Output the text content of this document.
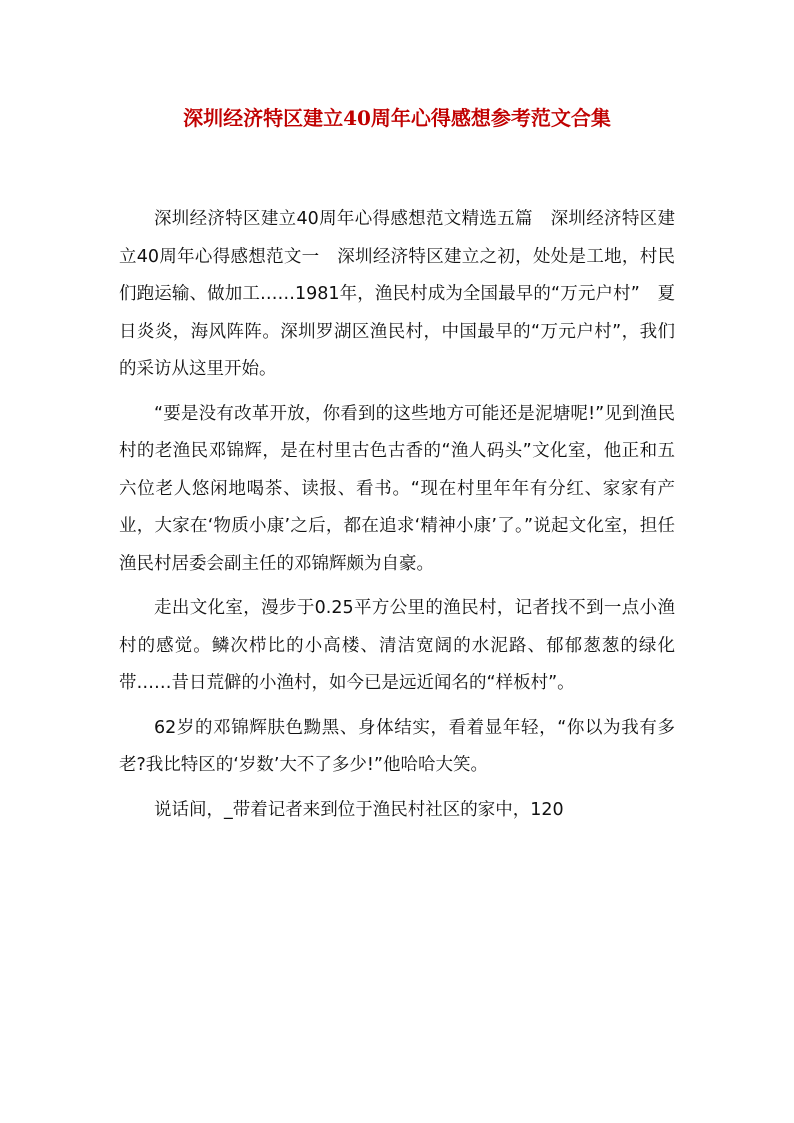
深圳经济特区建立40周年心得感想参考范文合集

深圳经济特区建立40周年心得感想范文精选五篇　深圳经济特区建立40周年心得感想范文一　深圳经济特区建立之初，处处是工地，村民们跑运输、做加工……1981年，渔民村成为全国最早的“万元户村”　夏日炎炎，海风阵阵。深圳罗湖区渔民村，中国最早的“万元户村”，我们的采访从这里开始。

“要是没有改革开放，你看到的这些地方可能还是泥塘呢!”见到渔民村的老渔民邓锦辉，是在村里古色古香的“渔人码头”文化室，他正和五六位老人悠闲地喝茶、读报、看书。“现在村里年年有分红、家家有产业，大家在‘物质小康’之后，都在追求‘精神小康’了。”说起文化室，担任渔民村居委会副主任的邓锦辉颇为自豪。

走出文化室，漫步于0.25平方公里的渔民村，记者找不到一点小渔村的感觉。鳞次栉比的小高楼、清洁宽阔的水泥路、郁郁葱葱的绿化带……昔日荒僻的小渔村，如今已是远近闻名的“样板村”。

62岁的邓锦辉肤色黝黑、身体结实，看着显年轻，“你以为我有多老?我比特区的‘岁数’大不了多少!”他哈哈大笑。

说话间，_带着记者来到位于渔民村社区的家中，120
